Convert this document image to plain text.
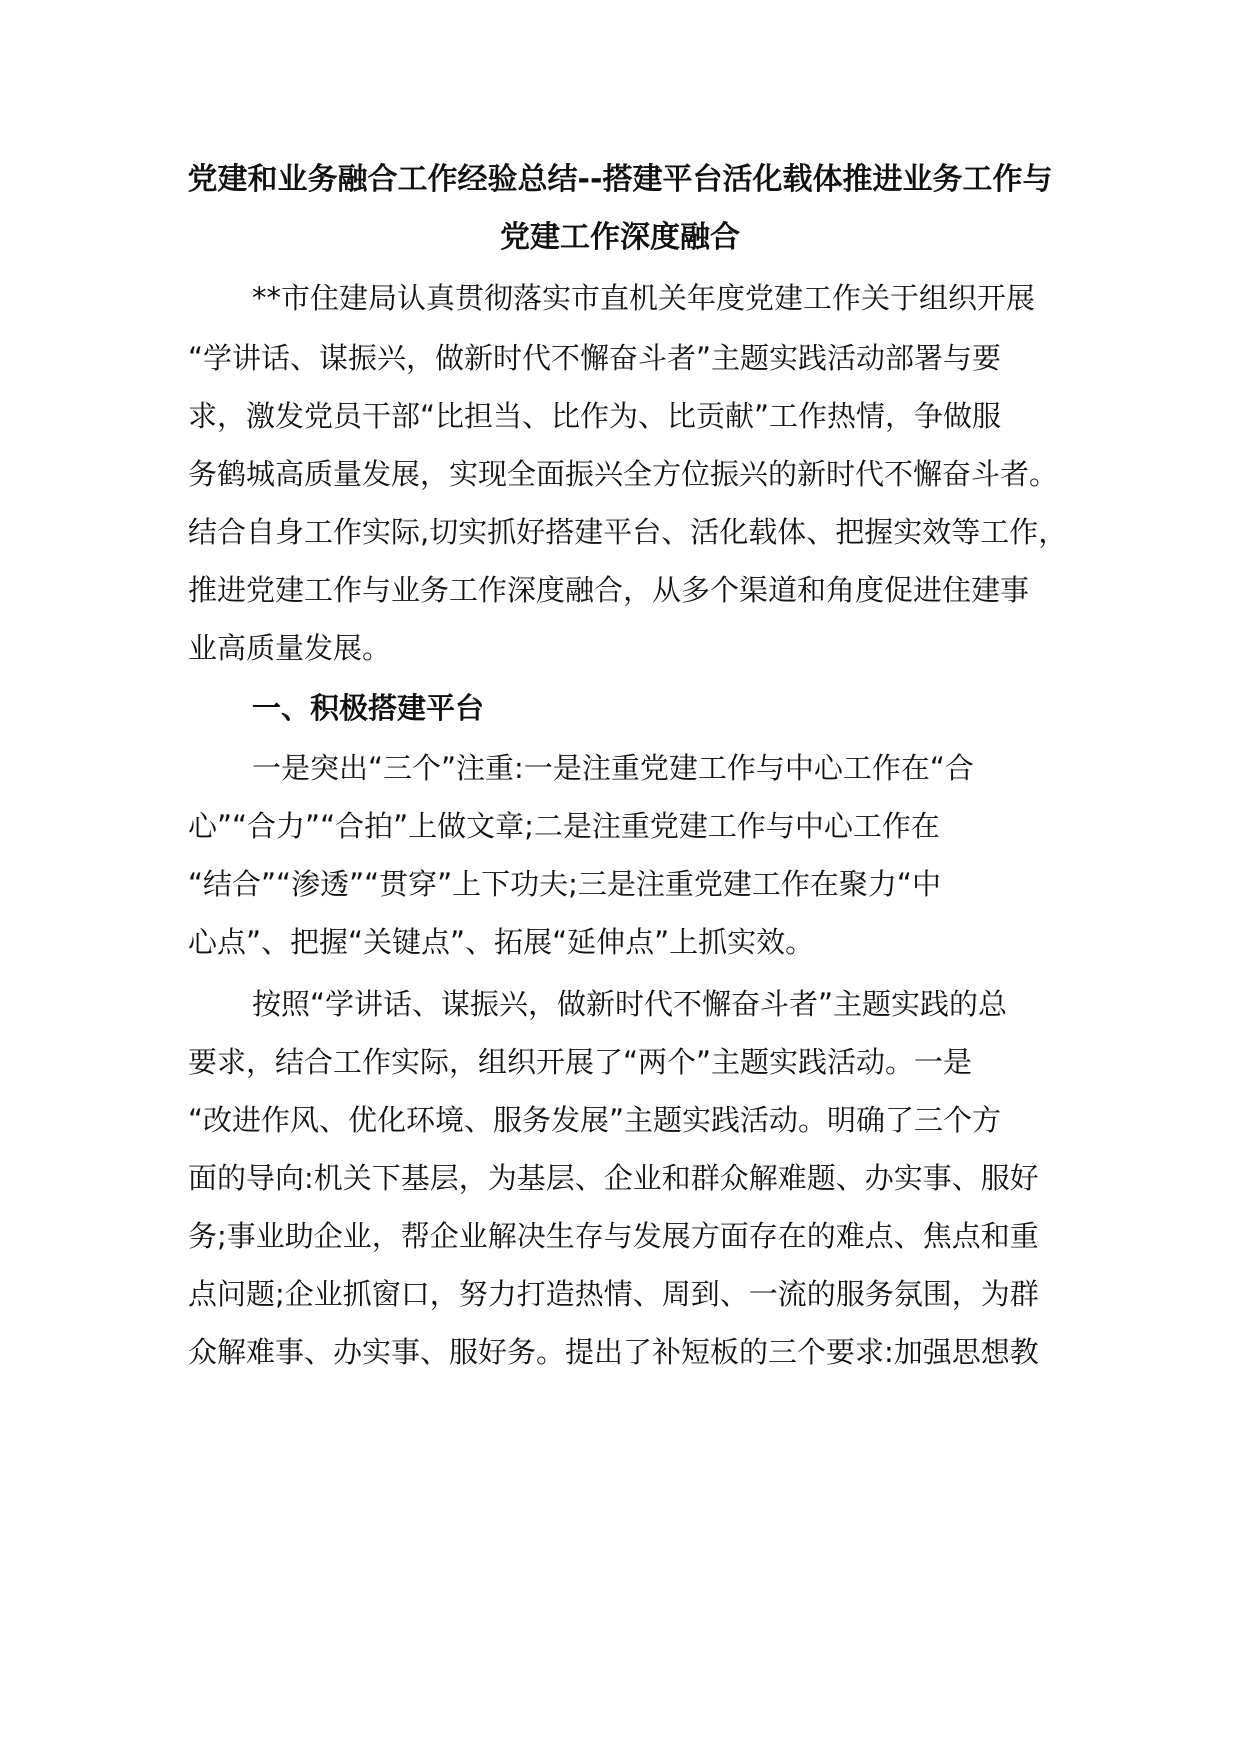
党建和业务融合工作经验总结--搭建平台活化载体推进业务工作与
党建工作深度融合
**市住建局认真贯彻落实市直机关年度党建工作关于组织开展
“学讲话、谋振兴，做新时代不懈奋斗者”主题实践活动部署与要
求，激发党员干部“比担当、比作为、比贡献”工作热情，争做服
务鹤城高质量发展，实现全面振兴全方位振兴的新时代不懈奋斗者。
结合自身工作实际,切实抓好搭建平台、活化载体、把握实效等工作，
推进党建工作与业务工作深度融合，从多个渠道和角度促进住建事
业高质量发展。
一、积极搭建平台
一是突出“三个”注重:一是注重党建工作与中心工作在“合
心”“合力”“合拍”上做文章;二是注重党建工作与中心工作在
“结合”“渗透”“贯穿”上下功夫;三是注重党建工作在聚力“中
心点”、把握“关键点”、拓展“延伸点”上抓实效。
按照“学讲话、谋振兴，做新时代不懈奋斗者”主题实践的总
要求，结合工作实际，组织开展了“两个”主题实践活动。一是
“改进作风、优化环境、服务发展”主题实践活动。明确了三个方
面的导向:机关下基层，为基层、企业和群众解难题、办实事、服好
务;事业助企业，帮企业解决生存与发展方面存在的难点、焦点和重
点问题;企业抓窗口，努力打造热情、周到、一流的服务氛围，为群
众解难事、办实事、服好务。提出了补短板的三个要求:加强思想教
